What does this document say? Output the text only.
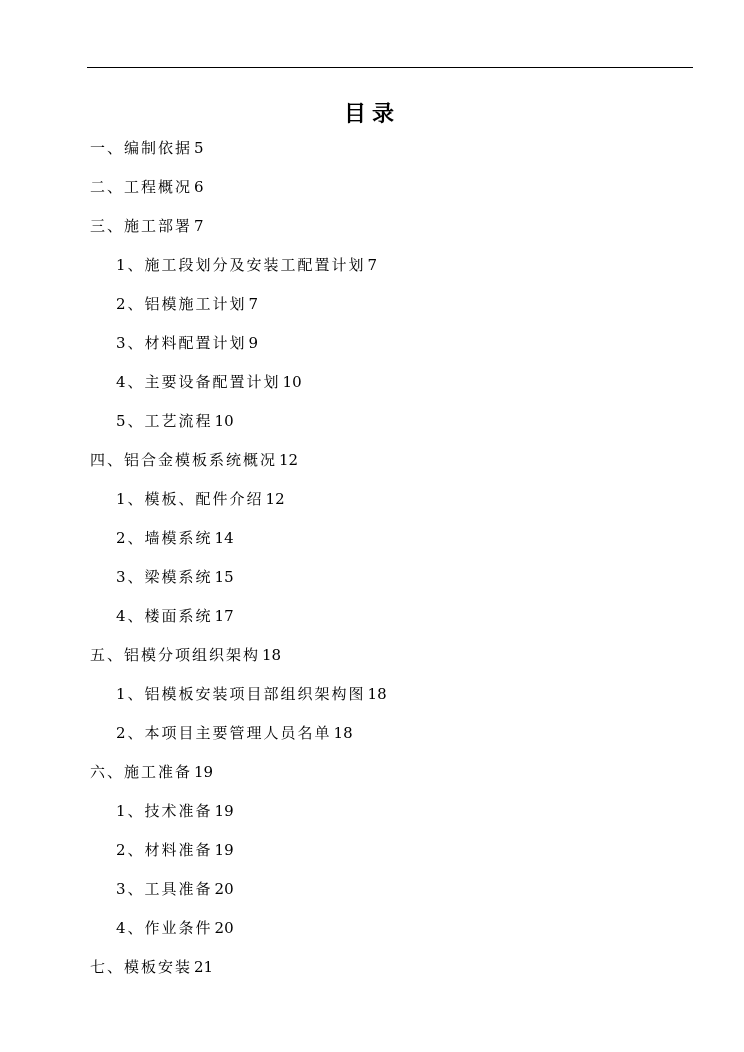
目录
一、编制依据 5
二、工程概况 6
三、施工部署 7
1、施工段划分及安装工配置计划 7
2、铝模施工计划 7
3、材料配置计划 9
4、主要设备配置计划 10
5、工艺流程 10
四、铝合金模板系统概况 12
1、模板、配件介绍 12
2、墙模系统 14
3、梁模系统 15
4、楼面系统 17
五、铝模分项组织架构 18
1、铝模板安装项目部组织架构图 18
2、本项目主要管理人员名单 18
六、施工准备 19
1、技术准备 19
2、材料准备 19
3、工具准备 20
4、作业条件 20
七、模板安装 21
